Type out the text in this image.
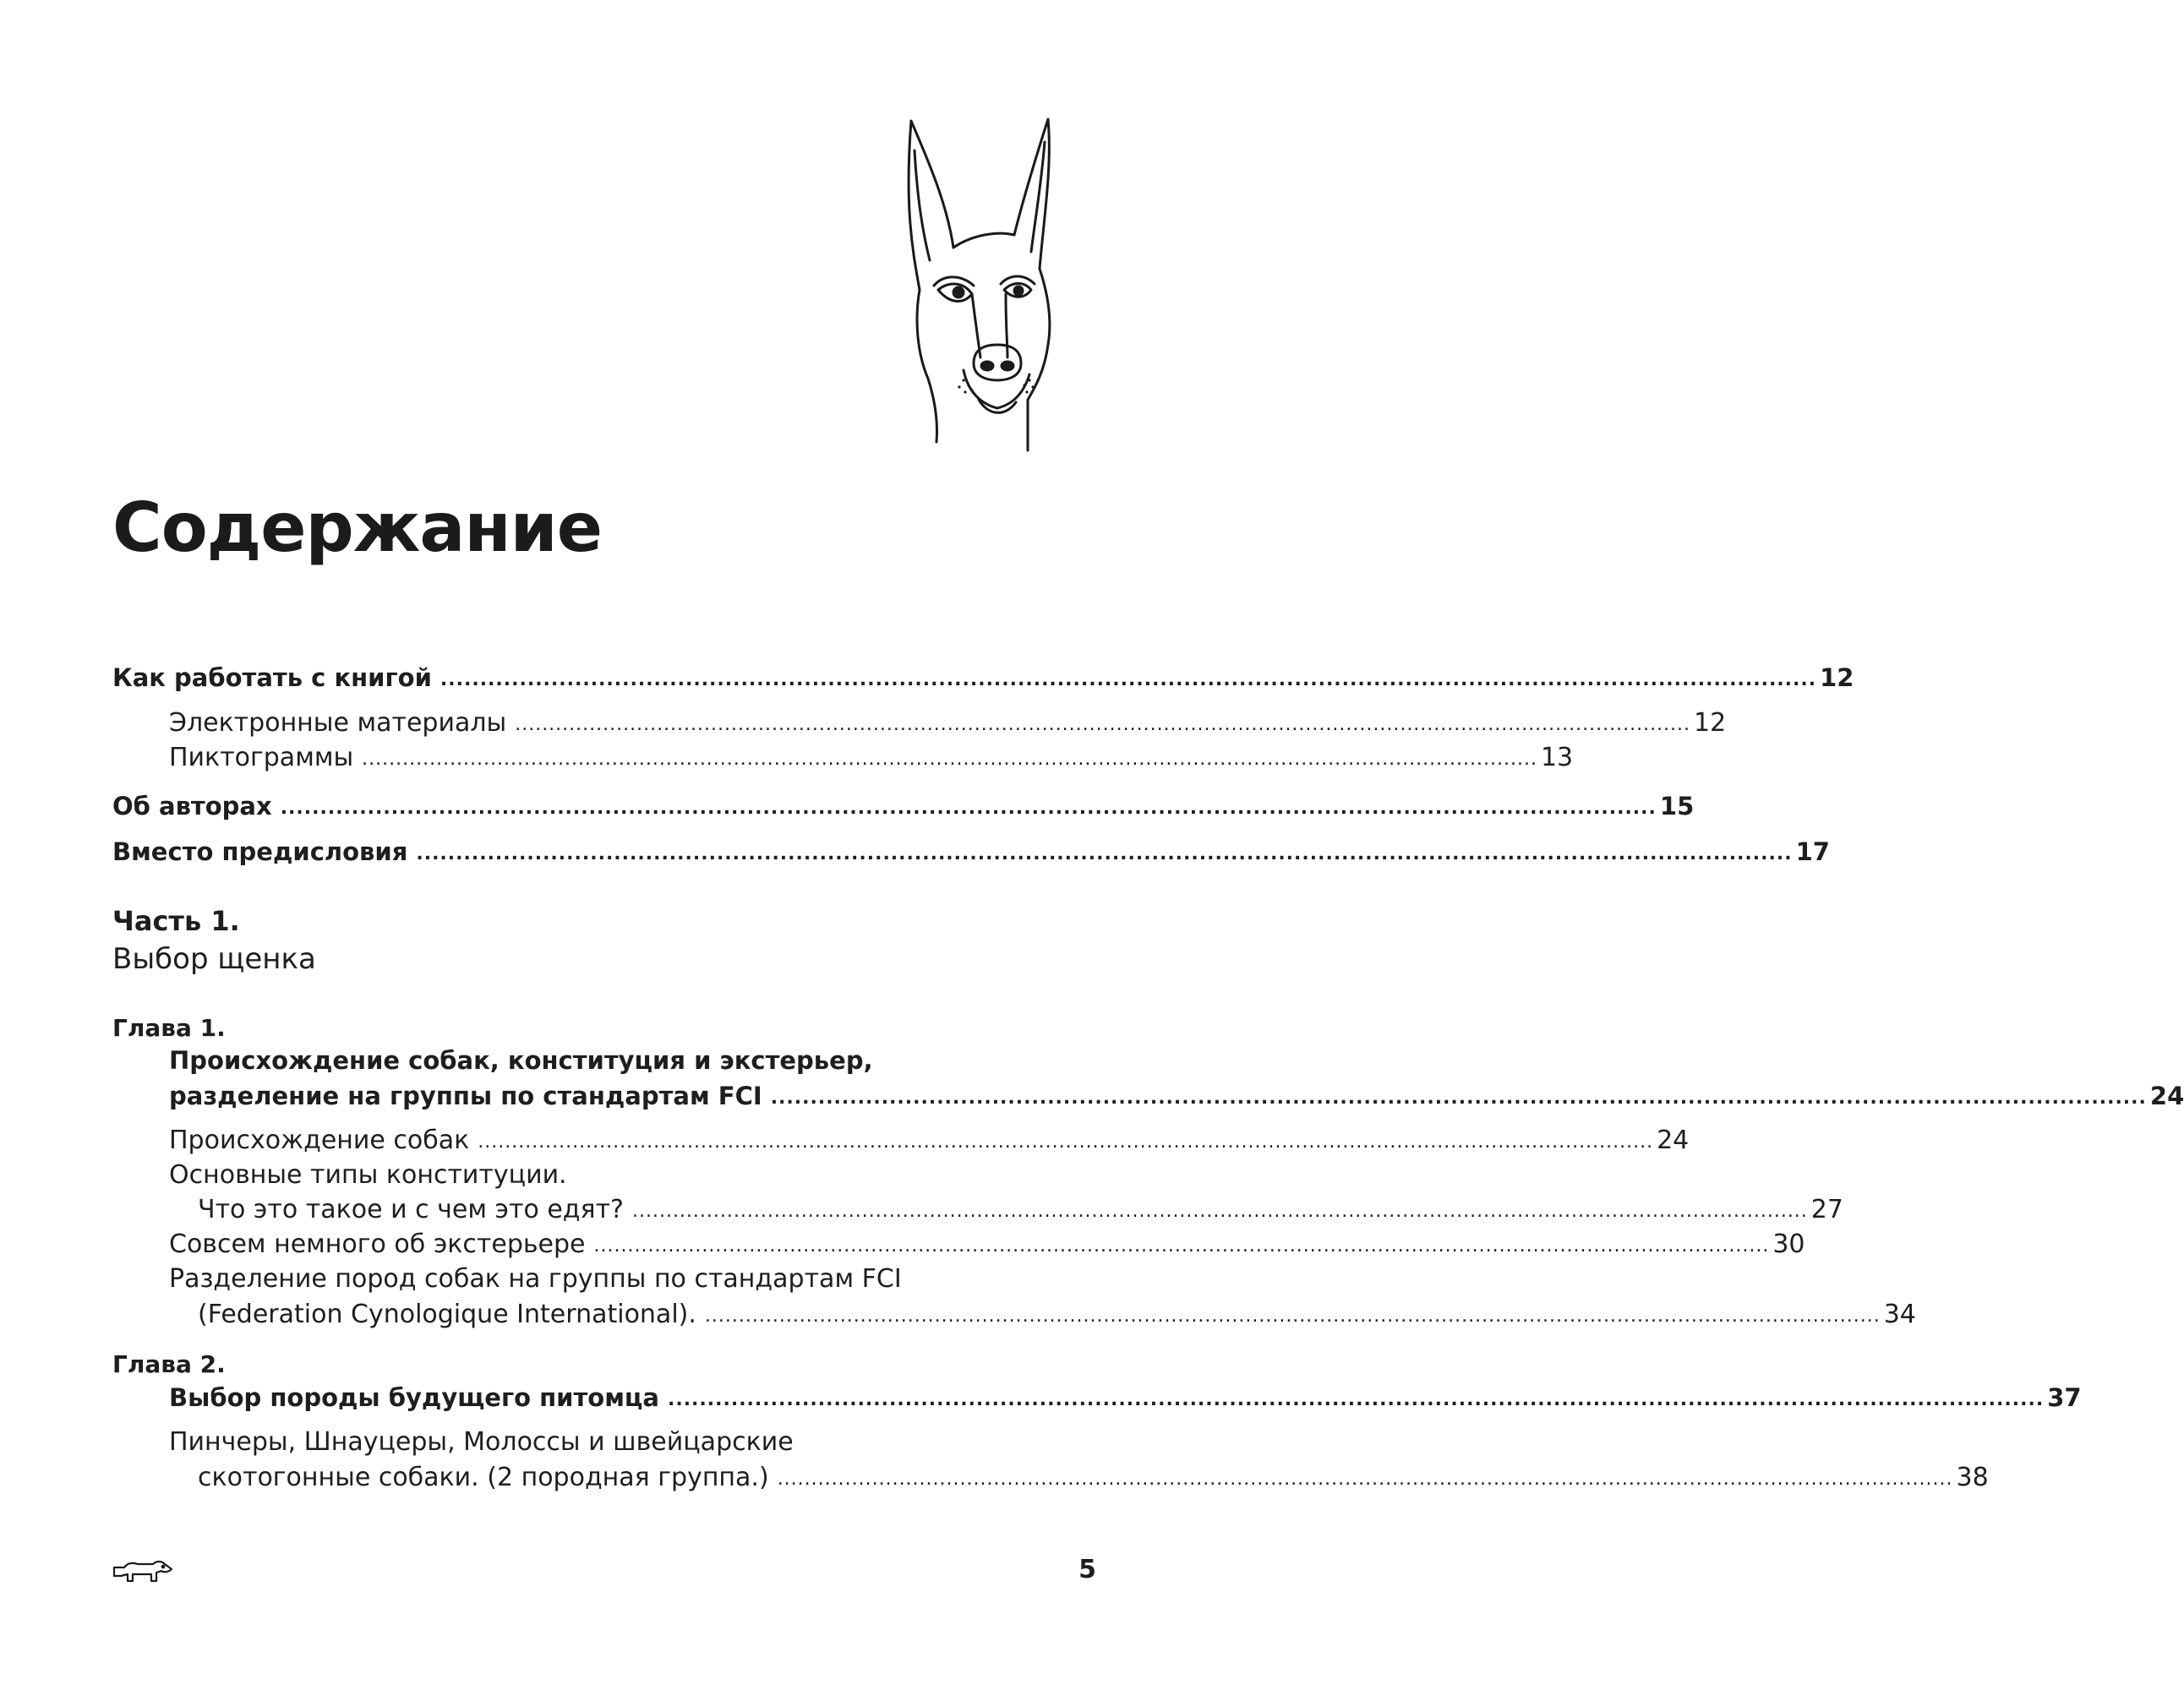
Содержание
Как работать с книгой .............................................................................................................................................................................. 12
Электронные материалы .............................................................................................................................................................................. 12
Пиктограммы .............................................................................................................................................................................. 13
Об авторах .............................................................................................................................................................................. 15
Вместо предисловия .............................................................................................................................................................................. 17
Часть 1.
Выбор щенка
Глава 1.
Происхождение собак, конституция и экстерьер,
разделение на группы по стандартам FCI .............................................................................................................................................................................. 24
Происхождение собак .............................................................................................................................................................................. 24
Основные типы конституции.
Что это такое и с чем это едят? .............................................................................................................................................................................. 27
Совсем немного об экстерьере .............................................................................................................................................................................. 30
Разделение пород собак на группы по стандартам FCI
(Federation Cynologique International). .............................................................................................................................................................................. 34
Глава 2.
Выбор породы будущего питомца .............................................................................................................................................................................. 37
Пинчеры, Шнауцеры, Молоссы и швейцарские
скотогонные собаки. (2 породная группа.) .............................................................................................................................................................................. 38
5
